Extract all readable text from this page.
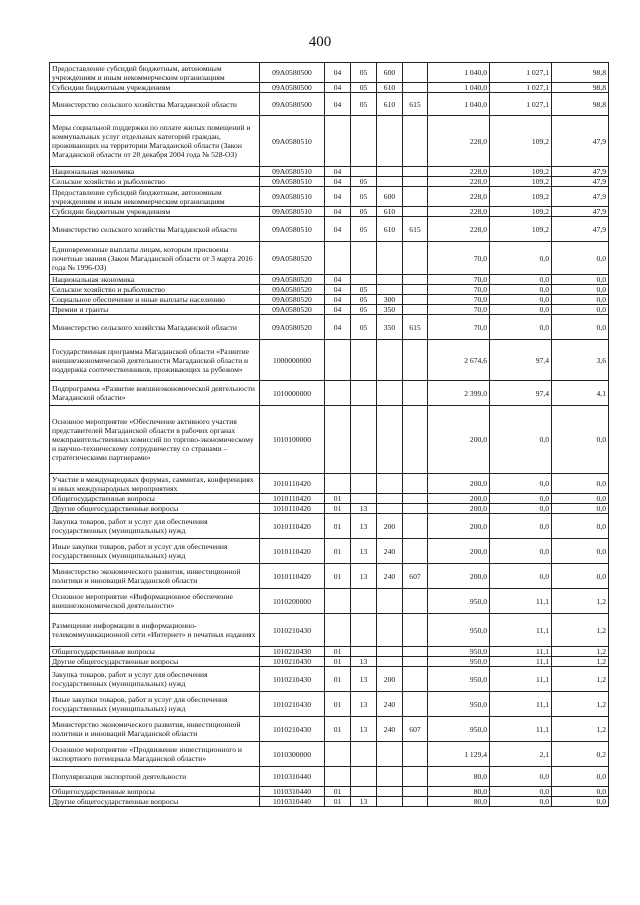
400
Предоставление субсидий бюджетным, автономным учреждениям и иным некоммерческим организациям	09А0580500	04	05	600		1 040,0	1 027,1	98,8
Субсидии бюджетным учреждениям	09А0580500	04	05	610		1 040,0	1 027,1	98,8
Министерство сельского хозяйства Магаданской области	09А0580500	04	05	610	615	1 040,0	1 027,1	98,8
Меры социальной поддержки по оплате жилых помещений и коммунальных услуг отдельных категорий граждан, проживающих на территории Магаданской области (Закон Магаданской области от 28 декабря 2004 года № 528-ОЗ)	09А0580510					228,0	109,2	47,9
Национальная экономика	09А0580510	04				228,0	109,2	47,9
Сельское хозяйство и рыболовство	09А0580510	04	05			228,0	109,2	47,9
Предоставление субсидий бюджетным, автономным учреждениям и иным некоммерческим организациям	09А0580510	04	05	600		228,0	109,2	47,9
Субсидии бюджетным учреждениям	09А0580510	04	05	610		228,0	109,2	47,9
Министерство сельского хозяйства Магаданской области	09А0580510	04	05	610	615	228,0	109,2	47,9
Единовременные выплаты лицам, которым присвоены почетные звания (Закон Магаданской области от 3 марта 2016 года № 1996-ОЗ)	09А0580520					70,0	0,0	0,0
Национальная экономика	09А0580520	04				70,0	0,0	0,0
Сельское хозяйство и рыболовство	09А0580520	04	05			70,0	0,0	0,0
Социальное обеспечение и иные выплаты населению	09А0580520	04	05	300		70,0	0,0	0,0
Премии и гранты	09А0580520	04	05	350		70,0	0,0	0,0
Министерство сельского хозяйства Магаданской области	09А0580520	04	05	350	615	70,0	0,0	0,0
Государственная программа Магаданской области «Развитие внешнеэкономической деятельности Магаданской области и поддержка соотечественников, проживающих за рубежом»	1000000000					2 674,6	97,4	3,6
Подпрограмма «Развитие внешнеэкономической деятельности Магаданской области»	1010000000					2 399,0	97,4	4,1
Основное мероприятие «Обеспечение активного участия представителей Магаданской области в рабочих органах межправительственных комиссий по торгово-экономическому и научно-техническому сотрудничеству со странами – стратегическими партнерами»	1010100000					200,0	0,0	0,0
Участие в международных форумах, саммитах, конференциях и иных международных мероприятиях	1010110420					200,0	0,0	0,0
Общегосударственные вопросы	1010110420	01				200,0	0,0	0,0
Другие общегосударственные вопросы	1010110420	01	13			200,0	0,0	0,0
Закупка товаров, работ и услуг для обеспечения государственных (муниципальных) нужд	1010110420	01	13	200		200,0	0,0	0,0
Иные закупки товаров, работ и услуг для обеспечения государственных (муниципальных) нужд	1010110420	01	13	240		200,0	0,0	0,0
Министерство экономического развития, инвестиционной политики и инноваций Магаданской области	1010110420	01	13	240	607	200,0	0,0	0,0
Основное мероприятие «Информационное обеспечение внешнеэкономической деятельности»	1010200000					950,0	11,1	1,2
Размещение информации в информационно-телекоммуникационной сети «Интернет» и печатных изданиях	1010210430					950,0	11,1	1,2
Общегосударственные вопросы	1010210430	01				950,0	11,1	1,2
Другие общегосударственные вопросы	1010210430	01	13			950,0	11,1	1,2
Закупка товаров, работ и услуг для обеспечения государственных (муниципальных) нужд	1010210430	01	13	200		950,0	11,1	1,2
Иные закупки товаров, работ и услуг для обеспечения государственных (муниципальных) нужд	1010210430	01	13	240		950,0	11,1	1,2
Министерство экономического развития, инвестиционной политики и инноваций Магаданской области	1010210430	01	13	240	607	950,0	11,1	1,2
Основное мероприятие «Продвижение инвестиционного и экспортного потенциала Магаданской области»	1010300000					1 129,4	2,1	0,2
Популяризация экспортной деятельности	1010310440					80,0	0,0	0,0
Общегосударственные вопросы	1010310440	01				80,0	0,0	0,0
Другие общегосударственные вопросы	1010310440	01	13			80,0	0,0	0,0
